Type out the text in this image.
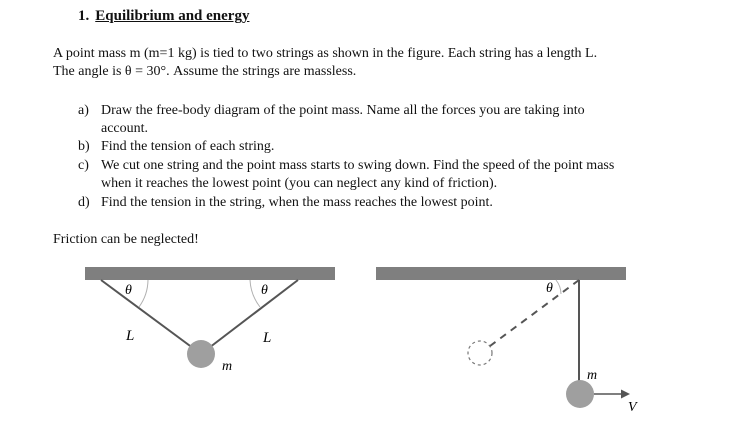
1. Equilibrium and energy
A point mass m (m=1 kg) is tied to two strings as shown in the figure. Each string has a length L.
The angle is θ = 30°. Assume the strings are massless.
a) Draw the free-body diagram of the point mass. Name all the forces you are taking into
account.
b) Find the tension of each string.
c) We cut one string and the point mass starts to swing down. Find the speed of the point mass
when it reaches the lowest point (you can neglect any kind of friction).
d) Find the tension in the string, when the mass reaches the lowest point.
Friction can be neglected!
θ	θ
L	L
m
θ
m
V
